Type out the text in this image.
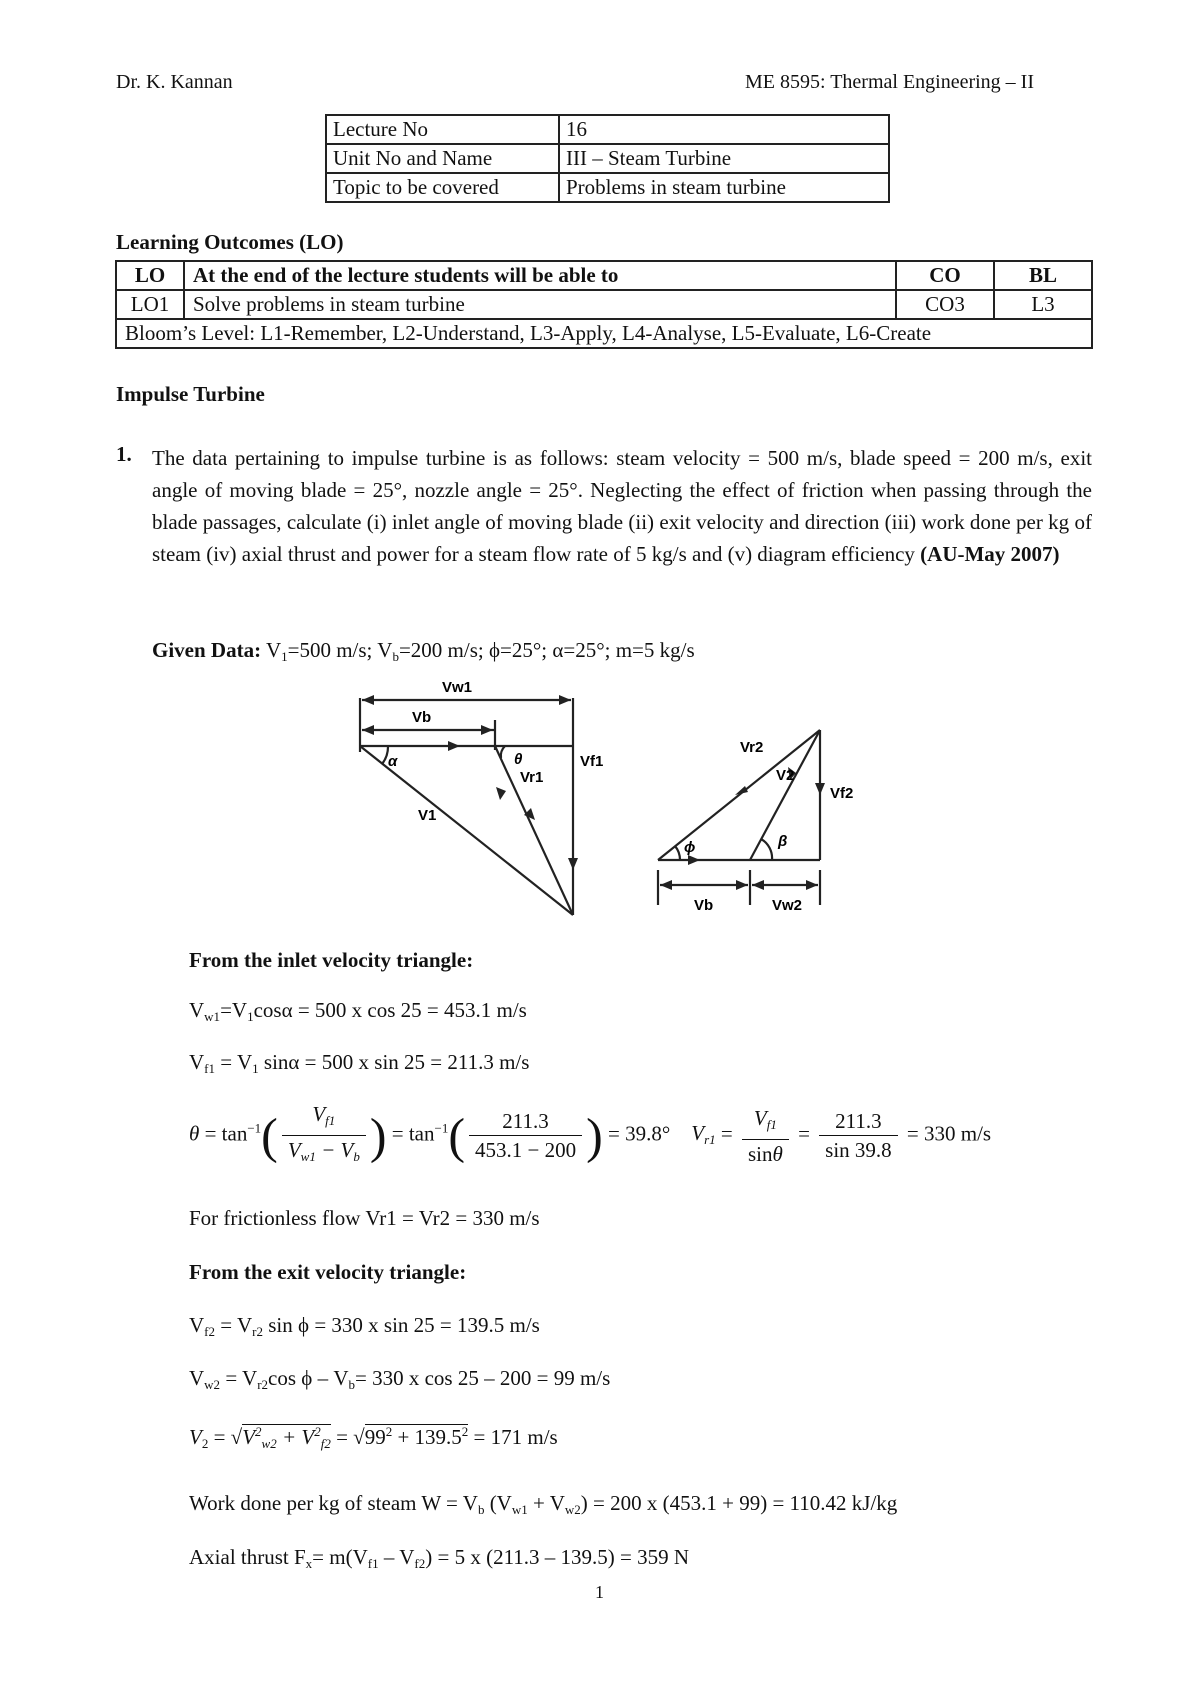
Dr. K. Kannan	ME 8595: Thermal Engineering – II
Lecture No	16
Unit No and Name	III – Steam Turbine
Topic to be covered	Problems in steam turbine
Learning Outcomes (LO)
LO	At the end of the lecture students will be able to	CO	BL
LO1	Solve problems in steam turbine	CO3	L3
Bloom’s Level: L1-Remember, L2-Understand, L3-Apply, L4-Analyse, L5-Evaluate, L6-Create			
Impulse Turbine
1. The data pertaining to impulse turbine is as follows: steam velocity = 500 m/s, blade speed = 200 m/s, exit angle of moving blade = 25°, nozzle angle = 25°. Neglecting the effect of friction when passing through the blade passages, calculate (i) inlet angle of moving blade (ii) exit velocity and direction (iii) work done per kg of steam (iv) axial thrust and power for a steam flow rate of 5 kg/s and (v) diagram efficiency (AU-May 2007)
Given Data: $V_1=500$ m/s; $V_b=200$ m/s; ϕ=25°; α=25°; m=5 kg/s
Vw1
Vb
α	θ
Vr1
Vf1
V1
Vr2
V2
Vf2
ϕ	β
Vb	Vw2
From the inlet velocity triangle:
$V_{w1}=V_1\cos\alpha = 500$ x cos 25 = 453.1 m/s
$V_{f1} = V_1$ sinα = 500 x sin 25 = 211.3 m/s
$\theta = \tan^{-1}( \frac{V_{f1}}{V_{w1} - V_b}$ ) = $\tan^{-1}( \frac{211.3}{453.1 - 200}$ ) = 39.8° $V_{r1} = \frac{V_{f1}}{\sin\theta} = \frac{211.3}{\sin 39.8} = 330$ m/s
For frictionless flow Vr1 = Vr2 = 330 m/s
From the exit velocity triangle:
$V_{f2} = V_{r2}$ sin ϕ = 330 x sin 25 = 139.5 m/s
$V_{w2} = V_{r2}\cos$ $\phi - V_b= 330$ x cos 25 – 200 = 99 m/s
$V_2 = √V^2_{w2} + V^2_{f2} = √99^2 + 139.5^2 = 171$ m/s
Work done per kg of steam $W = V_b$ $(V_{w1} + V_{w2}) = 200$ x (453.1 + 99) = 110.42 kJ/kg
Axial thrust $F_x= m(V_{f1} - V_{f2}) = 5$ x (211.3 – 139.5) = 359 N
1
